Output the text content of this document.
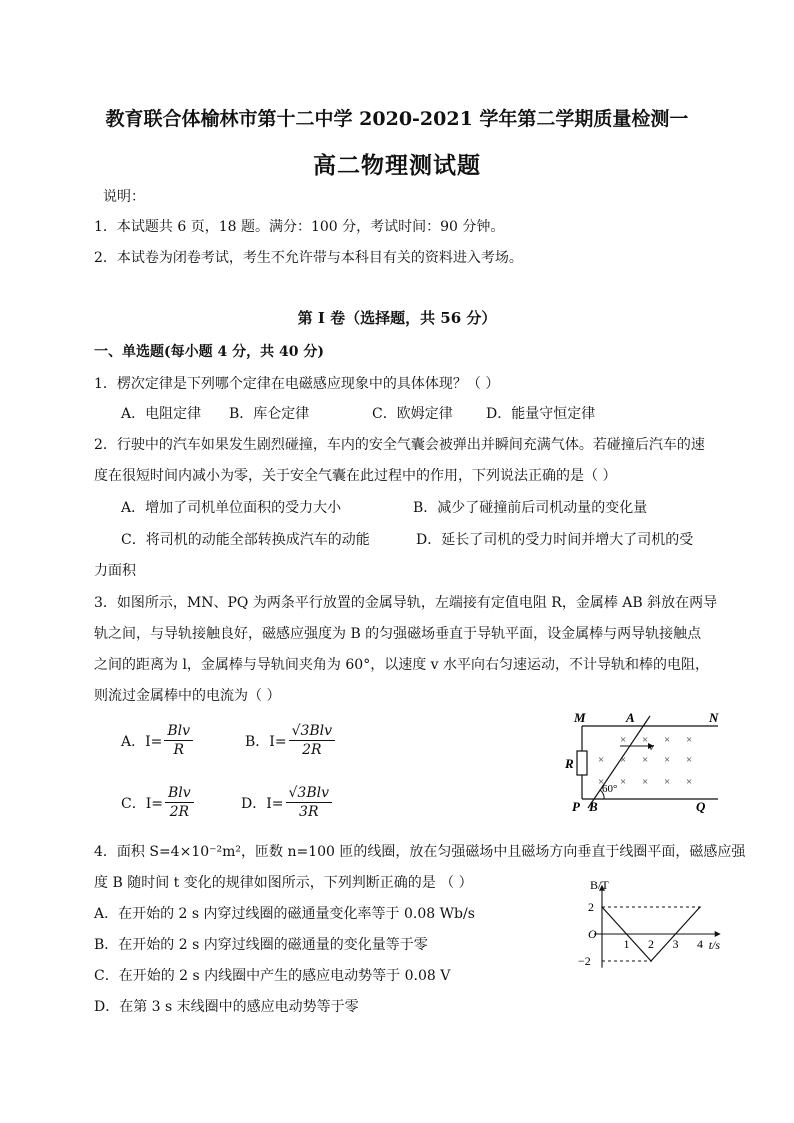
教育联合体榆林市第十二中学 2020-2021 学年第二学期质量检测一
高二物理测试题
说明：
1．本试题共 6 页，18 题。满分：100 分，考试时间：90 分钟。
2．本试卷为闭卷考试，考生不允许带与本科目有关的资料进入考场。
第 I 卷（选择题，共 56 分）
一、单选题(每小题 4 分，共 40 分)
1．楞次定律是下列哪个定律在电磁感应现象中的具体体现？（ ）
A．电阻定律 B．库仑定律	C．欧姆定律 D．能量守恒定律
2．行驶中的汽车如果发生剧烈碰撞，车内的安全气囊会被弹出并瞬间充满气体。若碰撞后汽车的速
度在很短时间内减小为零，关于安全气囊在此过程中的作用，下列说法正确的是（ ）
A．增加了司机单位面积的受力大小	B．减少了碰撞前后司机动量的变化量
C．将司机的动能全部转换成汽车的动能	D．延长了司机的受力时间并增大了司机的受
力面积
3．如图所示，MN、PQ 为两条平行放置的金属导轨，左端接有定值电阻 R，金属棒 AB 斜放在两导
轨之间，与导轨接触良好，磁感应强度为 B 的匀强磁场垂直于导轨平面，设金属棒与两导轨接触点
之间的距离为 l，金属棒与导轨间夹角为 60°，以速度 v 水平向右匀速运动，不计导轨和棒的电阻，
则流过金属棒中的电流为（ ）
A．$I= \frac{\text{Blv}}{R}$	B．$I= \frac{\text{√3Blv}}{2R}$
C．$I= \frac{\text{Blv}}{2R}$	D．$I= \frac{\text{√3Blv}}{3R}$
M	A	N
R
P B	Q
v
60°
× × × ×
× × × × ×
× × × × ×
4．面积 S=4×10⁻²m²，匝数 n=100 匝的线圈，放在匀强磁场中且磁场方向垂直于线圈平面，磁感应强
度 B 随时间 t 变化的规律如图所示，下列判断正确的是 （ ）
A．在开始的 2 s 内穿过线圈的磁通量变化率等于 0.08 Wb/s
B．在开始的 2 s 内穿过线圈的磁通量的变化量等于零
C．在开始的 2 s 内线圈中产生的感应电动势等于 0.08 V
D．在第 3 s 末线圈中的感应电动势等于零
B/T
t/s
O
2
−2
1 2 3 4
